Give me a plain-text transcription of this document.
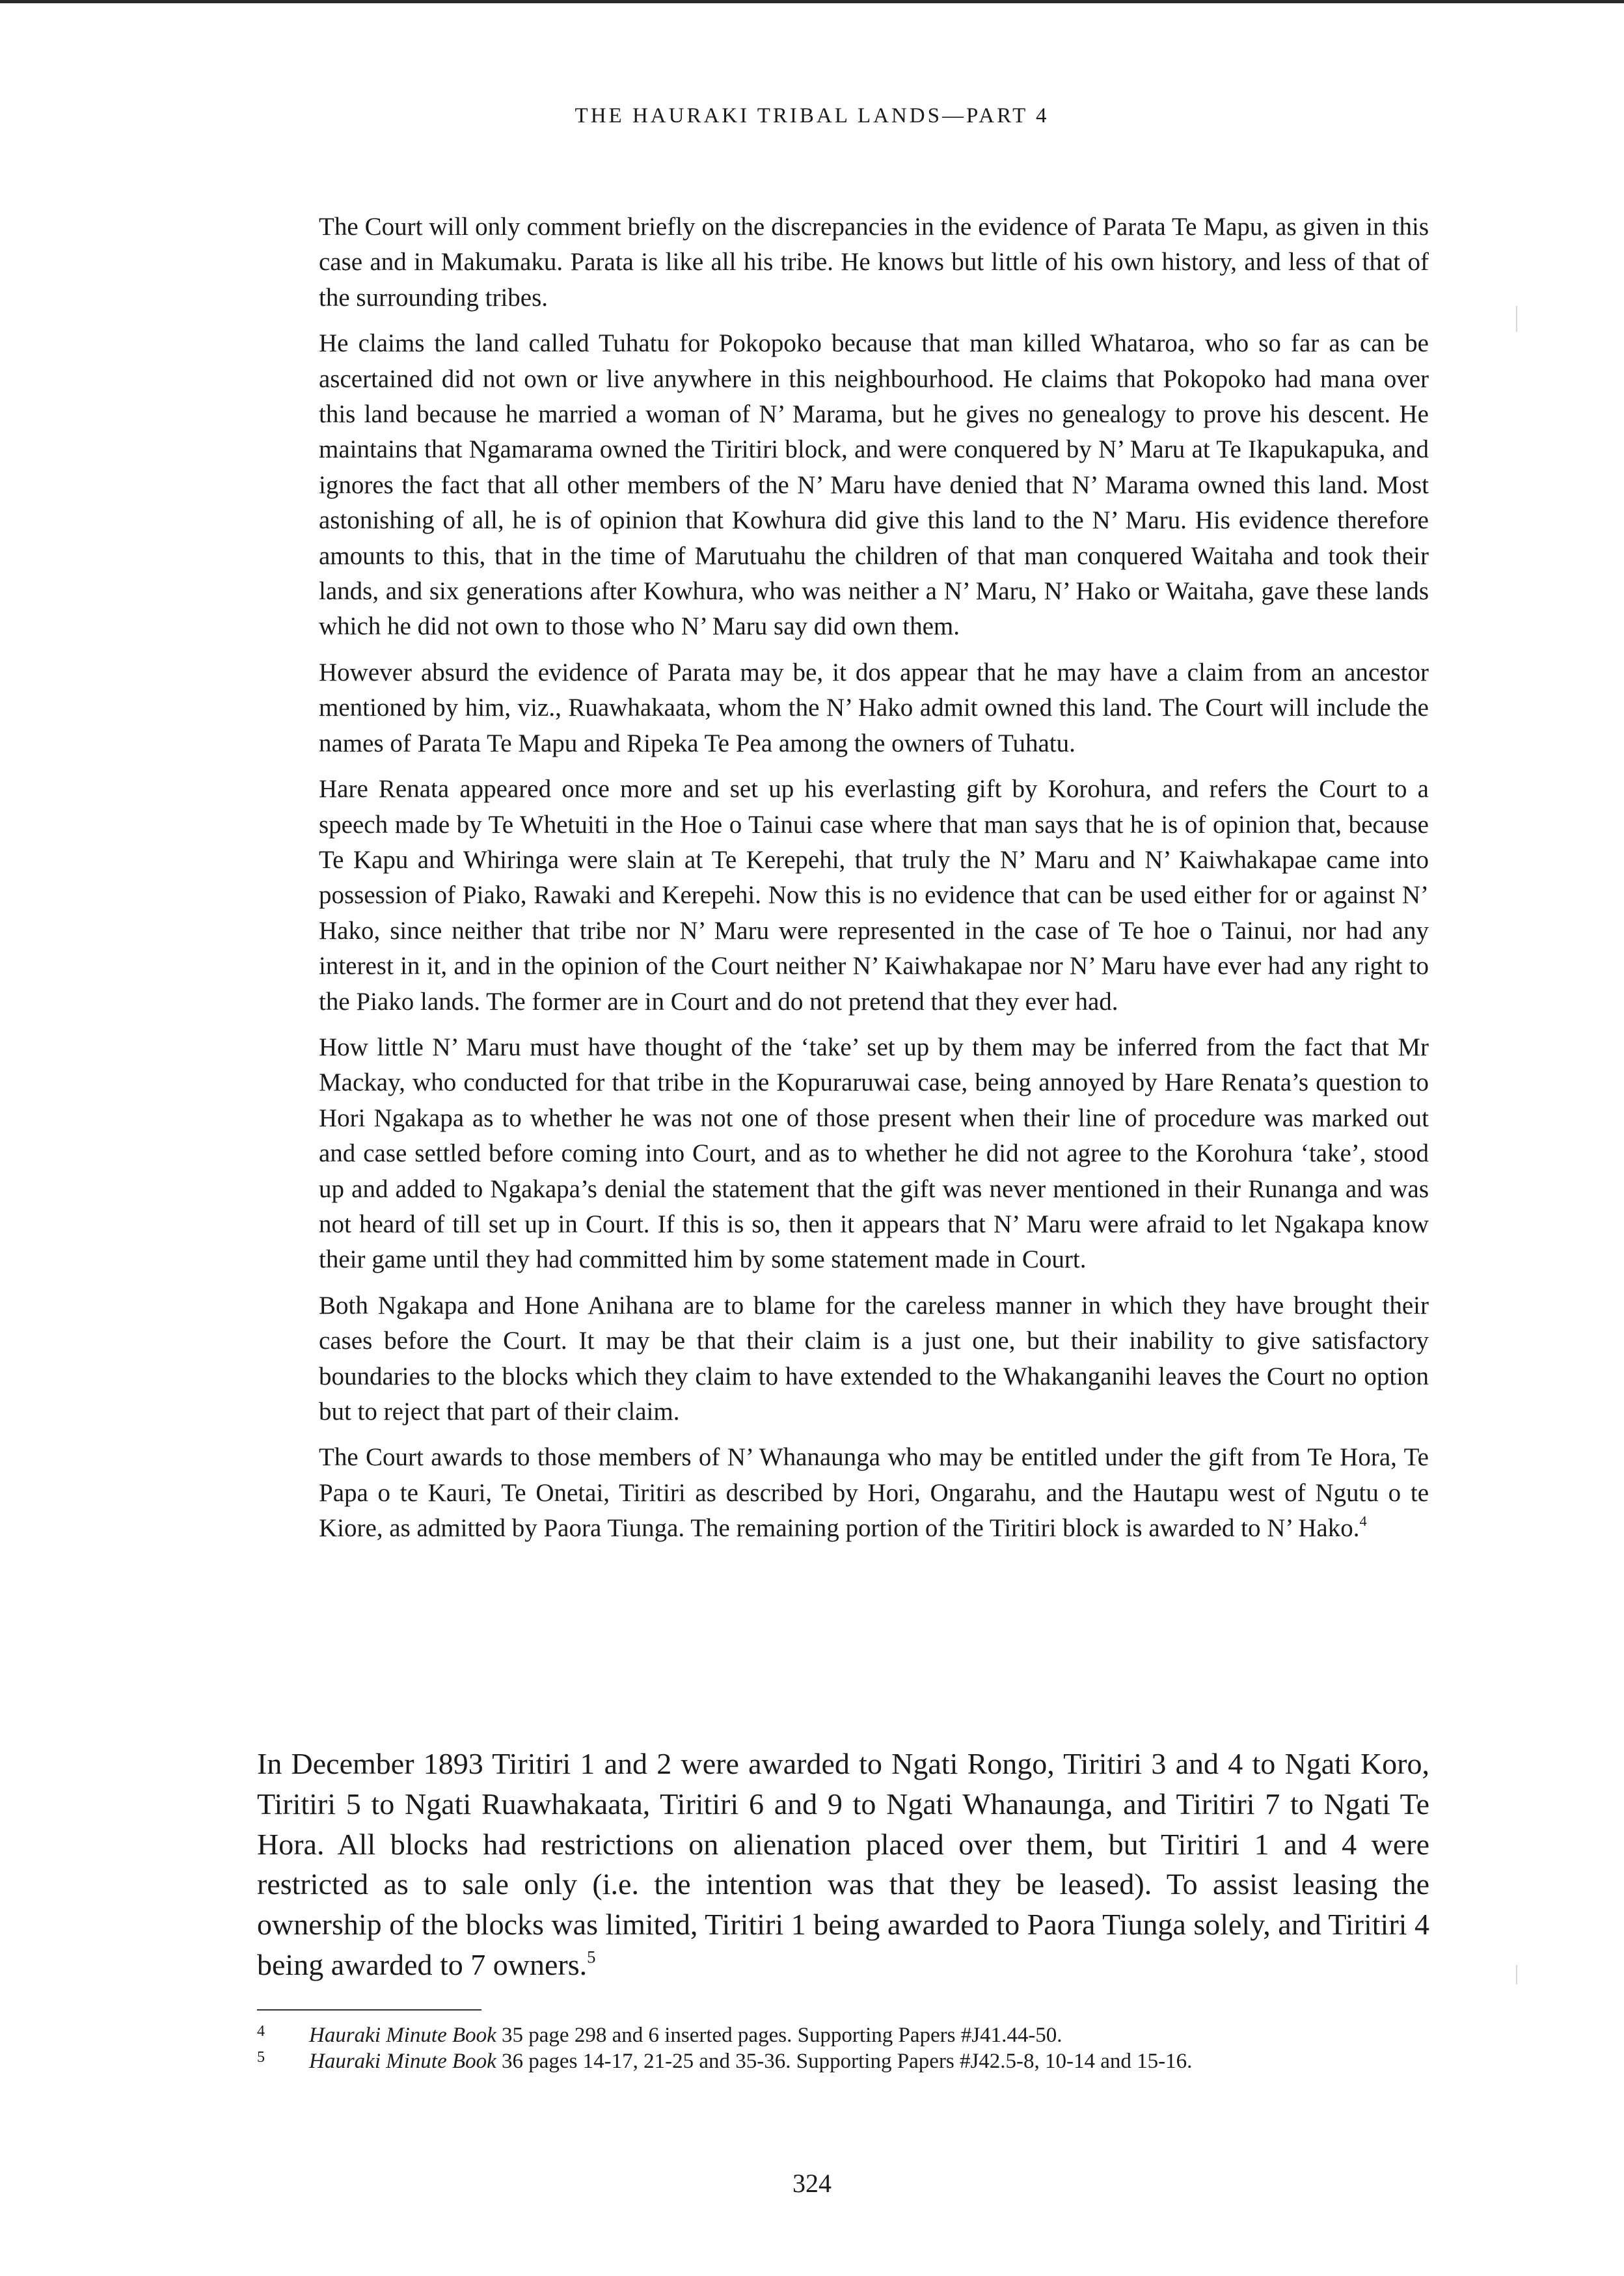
THE HAURAKI TRIBAL LANDS—PART 4

The Court will only comment briefly on the discrepancies in the evidence of Parata Te Mapu, as given in this case and in Makumaku. Parata is like all his tribe. He knows but little of his own history, and less of that of the surrounding tribes.

He claims the land called Tuhatu for Pokopoko because that man killed Whataroa, who so far as can be ascertained did not own or live anywhere in this neighbourhood. He claims that Pokopoko had mana over this land because he married a woman of N’ Marama, but he gives no genealogy to prove his descent. He maintains that Ngamarama owned the Tiritiri block, and were conquered by N’ Maru at Te Ikapukapuka, and ignores the fact that all other members of the N’ Maru have denied that N’ Marama owned this land. Most astonishing of all, he is of opinion that Kowhura did give this land to the N’ Maru. His evidence therefore amounts to this, that in the time of Marutuahu the children of that man conquered Waitaha and took their lands, and six generations after Kowhura, who was neither a N’ Maru, N’ Hako or Waitaha, gave these lands which he did not own to those who N’ Maru say did own them.

However absurd the evidence of Parata may be, it dos appear that he may have a claim from an ancestor mentioned by him, viz., Ruawhakaata, whom the N’ Hako admit owned this land. The Court will include the names of Parata Te Mapu and Ripeka Te Pea among the owners of Tuhatu.

Hare Renata appeared once more and set up his everlasting gift by Korohura, and refers the Court to a speech made by Te Whetuiti in the Hoe o Tainui case where that man says that he is of opinion that, because Te Kapu and Whiringa were slain at Te Kerepehi, that truly the N’ Maru and N’ Kaiwhakapae came into possession of Piako, Rawaki and Kerepehi. Now this is no evidence that can be used either for or against N’ Hako, since neither that tribe nor N’ Maru were represented in the case of Te hoe o Tainui, nor had any interest in it, and in the opinion of the Court neither N’ Kaiwhakapae nor N’ Maru have ever had any right to the Piako lands. The former are in Court and do not pretend that they ever had.

How little N’ Maru must have thought of the ‘take’ set up by them may be inferred from the fact that Mr Mackay, who conducted for that tribe in the Kopuraruwai case, being annoyed by Hare Renata’s question to Hori Ngakapa as to whether he was not one of those present when their line of procedure was marked out and case settled before coming into Court, and as to whether he did not agree to the Korohura ‘take’, stood up and added to Ngakapa’s denial the statement that the gift was never mentioned in their Runanga and was not heard of till set up in Court. If this is so, then it appears that N’ Maru were afraid to let Ngakapa know their game until they had committed him by some statement made in Court.

Both Ngakapa and Hone Anihana are to blame for the careless manner in which they have brought their cases before the Court. It may be that their claim is a just one, but their inability to give satisfactory boundaries to the blocks which they claim to have extended to the Whakanganihi leaves the Court no option but to reject that part of their claim.

The Court awards to those members of N’ Whanaunga who may be entitled under the gift from Te Hora, Te Papa o te Kauri, Te Onetai, Tiritiri as described by Hori, Ongarahu, and the Hautapu west of Ngutu o te Kiore, as admitted by Paora Tiunga. The remaining portion of the Tiritiri block is awarded to N’ Hako.$^4$

In December 1893 Tiritiri 1 and 2 were awarded to Ngati Rongo, Tiritiri 3 and 4 to Ngati Koro, Tiritiri 5 to Ngati Ruawhakaata, Tiritiri 6 and 9 to Ngati Whanaunga, and Tiritiri 7 to Ngati Te Hora. All blocks had restrictions on alienation placed over them, but Tiritiri 1 and 4 were restricted as to sale only (i.e. the intention was that they be leased). To assist leasing the ownership of the blocks was limited, Tiritiri 1 being awarded to Paora Tiunga solely, and Tiritiri 4 being awarded to 7 owners.$^5$

4 Hauraki Minute Book 35 page 298 and 6 inserted pages. Supporting Papers #J41.44-50.
5 Hauraki Minute Book 36 pages 14-17, 21-25 and 35-36. Supporting Papers #J42.5-8, 10-14 and 15-16.
324
